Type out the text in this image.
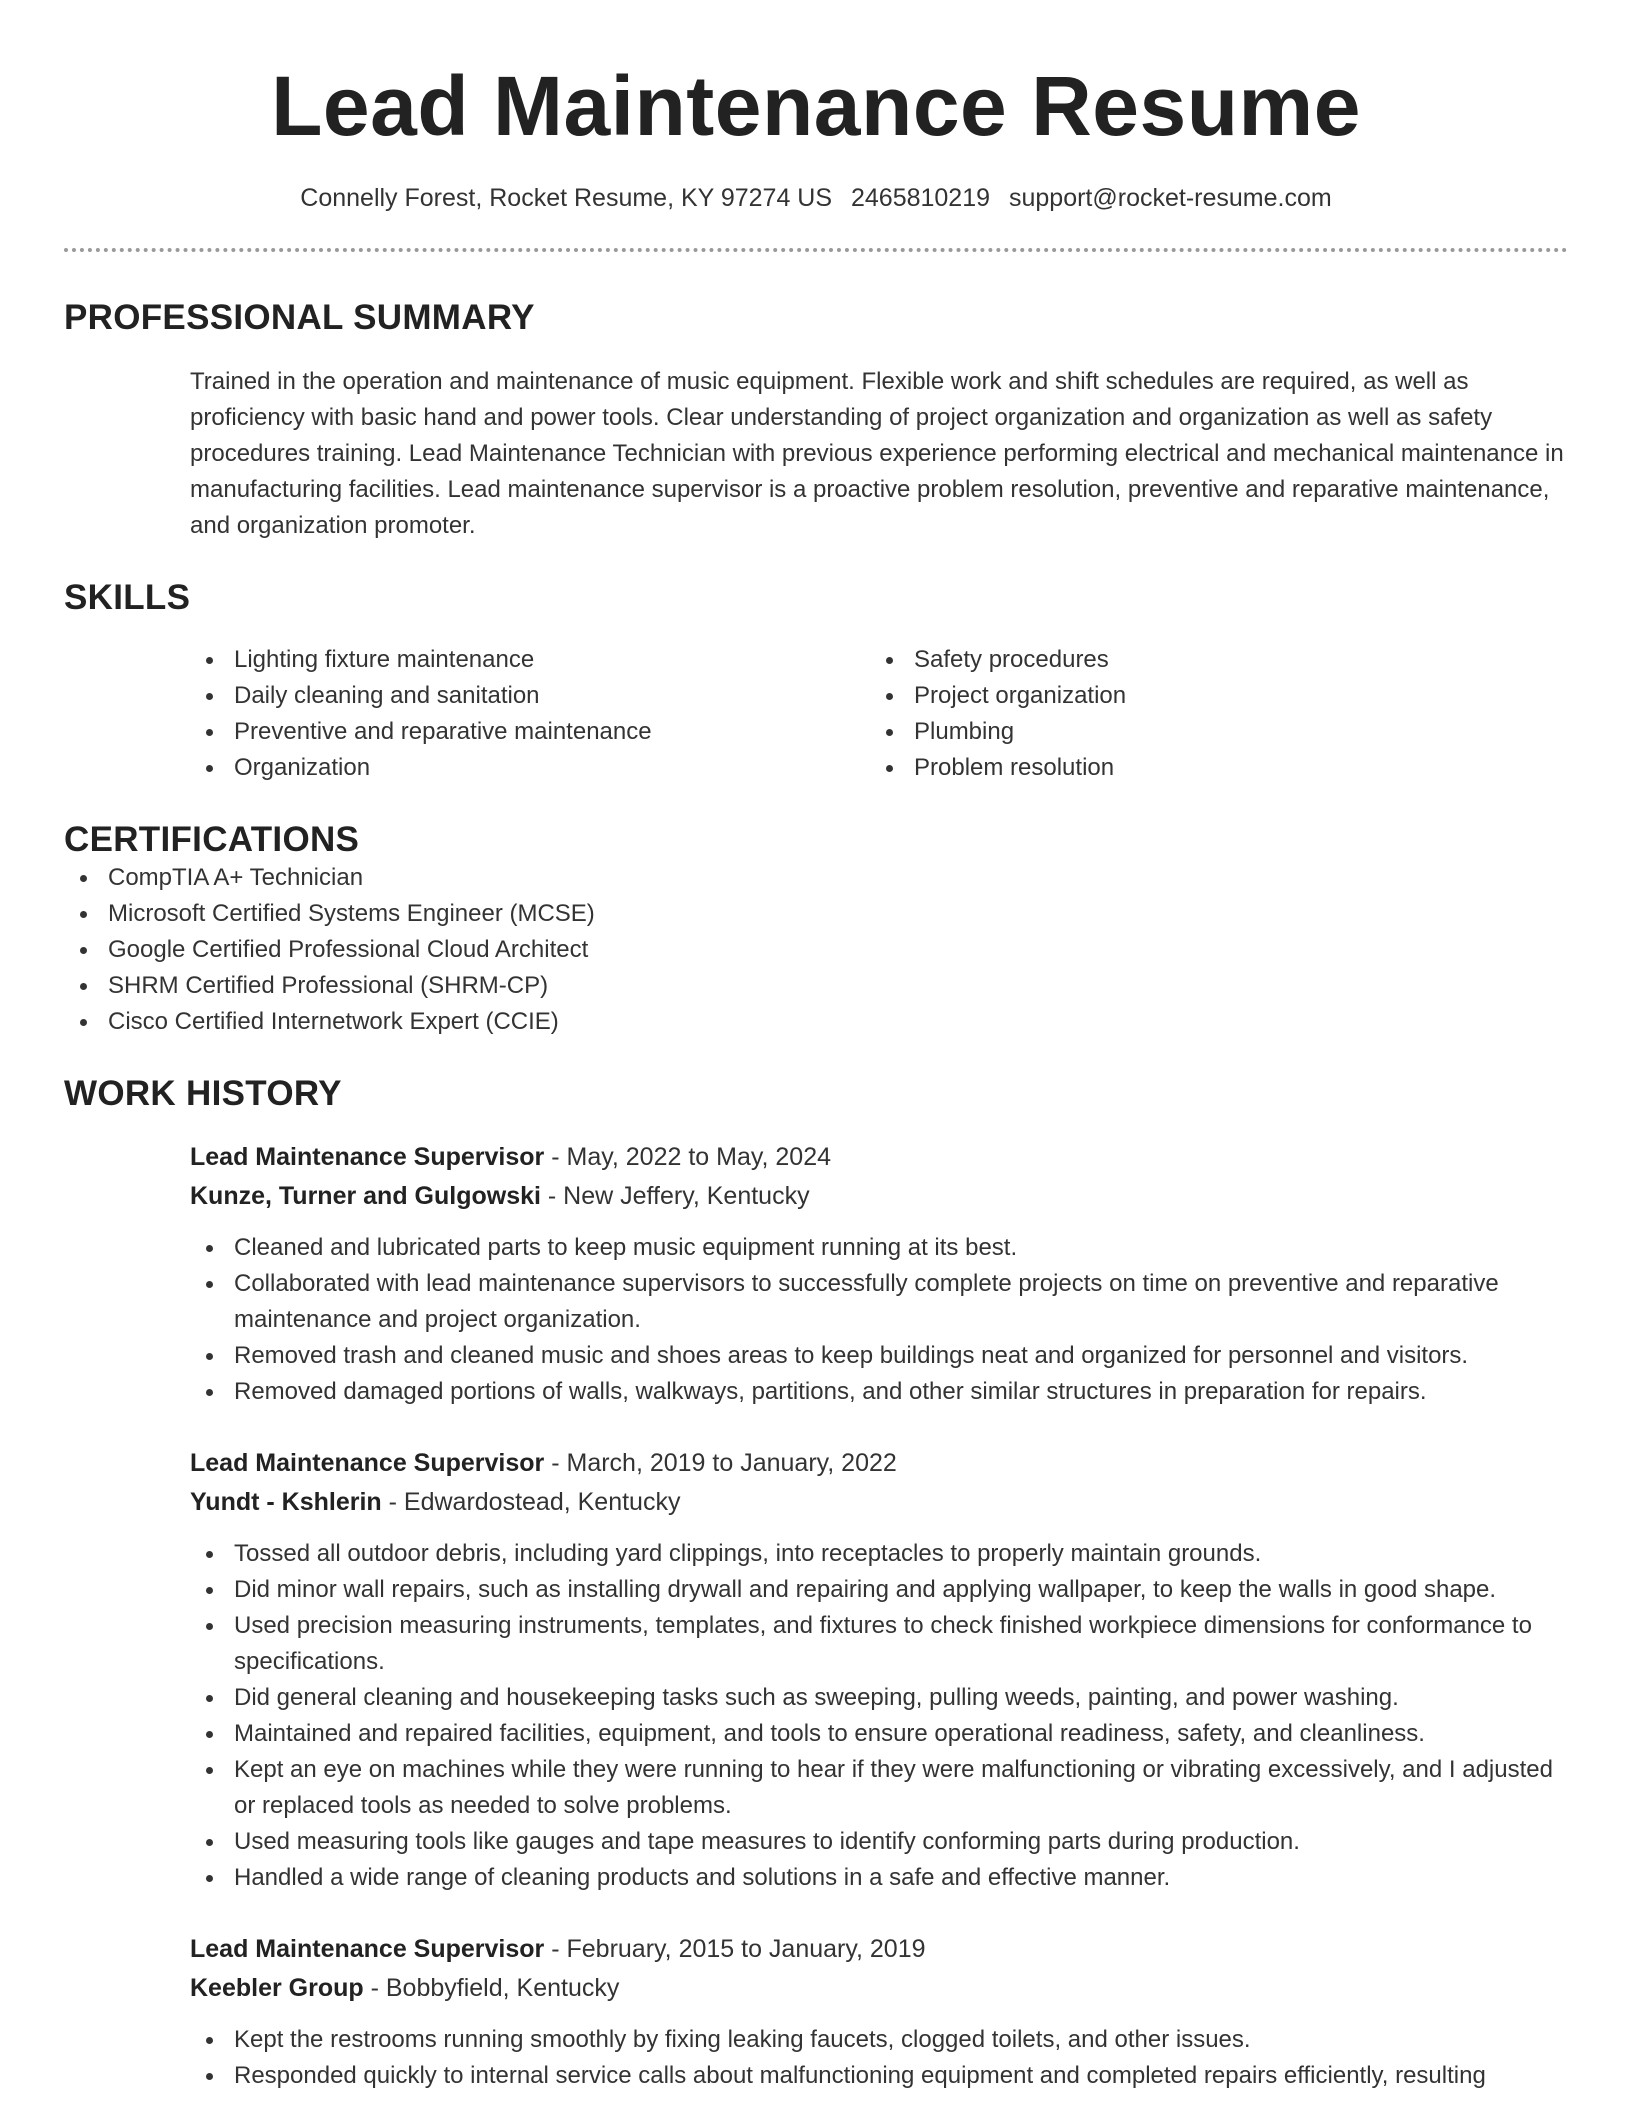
Lead Maintenance Resume
Connelly Forest, Rocket Resume, KY 97274 US 2465810219 support@rocket-resume.com
PROFESSIONAL SUMMARY

Trained in the operation and maintenance of music equipment. Flexible work and shift schedules are required, as well as proficiency with basic hand and power tools. Clear understanding of project organization and organization as well as safety procedures training. Lead Maintenance Technician with previous experience performing electrical and mechanical maintenance in manufacturing facilities. Lead maintenance supervisor is a proactive problem resolution, preventive and reparative maintenance, and organization promoter.

SKILLS
Lighting fixture maintenance
Daily cleaning and sanitation
Preventive and reparative maintenance
Organization
Safety procedures
Project organization
Plumbing
Problem resolution
CERTIFICATIONS
CompTIA A+ Technician
Microsoft Certified Systems Engineer (MCSE)
Google Certified Professional Cloud Architect
SHRM Certified Professional (SHRM-CP)
Cisco Certified Internetwork Expert (CCIE)
WORK HISTORY
Lead Maintenance Supervisor - May, 2022 to May, 2024
Kunze, Turner and Gulgowski - New Jeffery, Kentucky
Cleaned and lubricated parts to keep music equipment running at its best.
Collaborated with lead maintenance supervisors to successfully complete projects on time on preventive and reparative maintenance and project organization.
Removed trash and cleaned music and shoes areas to keep buildings neat and organized for personnel and visitors.
Removed damaged portions of walls, walkways, partitions, and other similar structures in preparation for repairs.
Lead Maintenance Supervisor - March, 2019 to January, 2022
Yundt - Kshlerin - Edwardostead, Kentucky
Tossed all outdoor debris, including yard clippings, into receptacles to properly maintain grounds.
Did minor wall repairs, such as installing drywall and repairing and applying wallpaper, to keep the walls in good shape.
Used precision measuring instruments, templates, and fixtures to check finished workpiece dimensions for conformance to specifications.
Did general cleaning and housekeeping tasks such as sweeping, pulling weeds, painting, and power washing.
Maintained and repaired facilities, equipment, and tools to ensure operational readiness, safety, and cleanliness.
Kept an eye on machines while they were running to hear if they were malfunctioning or vibrating excessively, and I adjusted or replaced tools as needed to solve problems.
Used measuring tools like gauges and tape measures to identify conforming parts during production.
Handled a wide range of cleaning products and solutions in a safe and effective manner.
Lead Maintenance Supervisor - February, 2015 to January, 2019
Keebler Group - Bobbyfield, Kentucky
Kept the restrooms running smoothly by fixing leaking faucets, clogged toilets, and other issues.
Responded quickly to internal service calls about malfunctioning equipment and completed repairs efficiently, resulting
